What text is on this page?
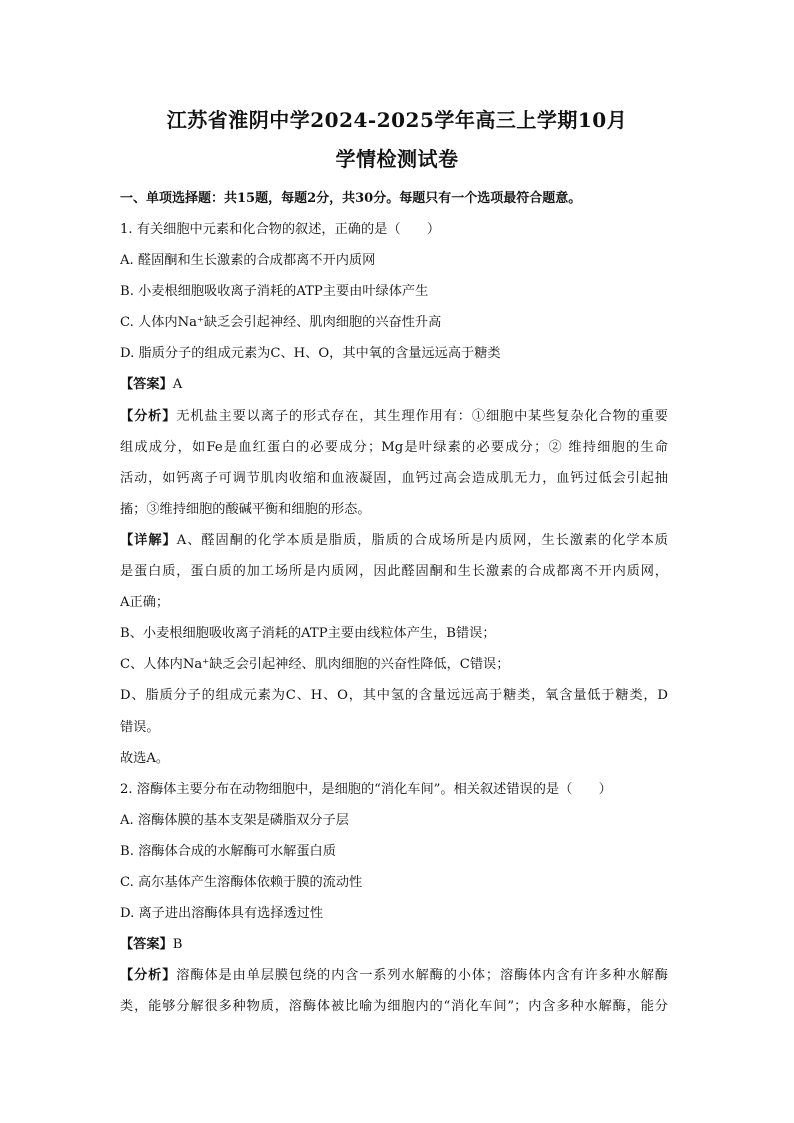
江苏省淮阴中学2024-2025学年高三上学期10月
学情检测试卷
一、单项选择题：共15题，每题2分，共30分。每题只有一个选项最符合题意。
1. 有关细胞中元素和化合物的叙述，正确的是（　　）
A. 醛固酮和生长激素的合成都离不开内质网
B. 小麦根细胞吸收离子消耗的ATP主要由叶绿体产生
C. 人体内Na⁺缺乏会引起神经、肌肉细胞的兴奋性升高
D. 脂质分子的组成元素为C、H、O，其中氧的含量远远高于糖类
【答案】A
【分析】无机盐主要以离子的形式存在，其生理作用有：①细胞中某些复杂化合物的重要
组成成分，如Fe是血红蛋白的必要成分；Mg是叶绿素的必要成分；② 维持细胞的生命
活动，如钙离子可调节肌肉收缩和血液凝固，血钙过高会造成肌无力，血钙过低会引起抽
搐；③维持细胞的酸碱平衡和细胞的形态。
【详解】A、醛固酮的化学本质是脂质，脂质的合成场所是内质网，生长激素的化学本质
是蛋白质，蛋白质的加工场所是内质网，因此醛固酮和生长激素的合成都离不开内质网，
A正确；
B、小麦根细胞吸收离子消耗的ATP主要由线粒体产生，B错误；
C、人体内Na⁺缺乏会引起神经、肌肉细胞的兴奋性降低，C错误；
D、脂质分子的组成元素为C、H、O，其中氢的含量远远高于糖类，氧含量低于糖类，D
错误。
故选A。
2. 溶酶体主要分布在动物细胞中，是细胞的“消化车间”。相关叙述错误的是（　　）
A. 溶酶体膜的基本支架是磷脂双分子层
B. 溶酶体合成的水解酶可水解蛋白质
C. 高尔基体产生溶酶体依赖于膜的流动性
D. 离子进出溶酶体具有选择透过性
【答案】B
【分析】溶酶体是由单层膜包绕的内含一系列水解酶的小体；溶酶体内含有许多种水解酶
类，能够分解很多种物质，溶酶体被比喻为细胞内的“消化车间”；内含多种水解酶，能分
